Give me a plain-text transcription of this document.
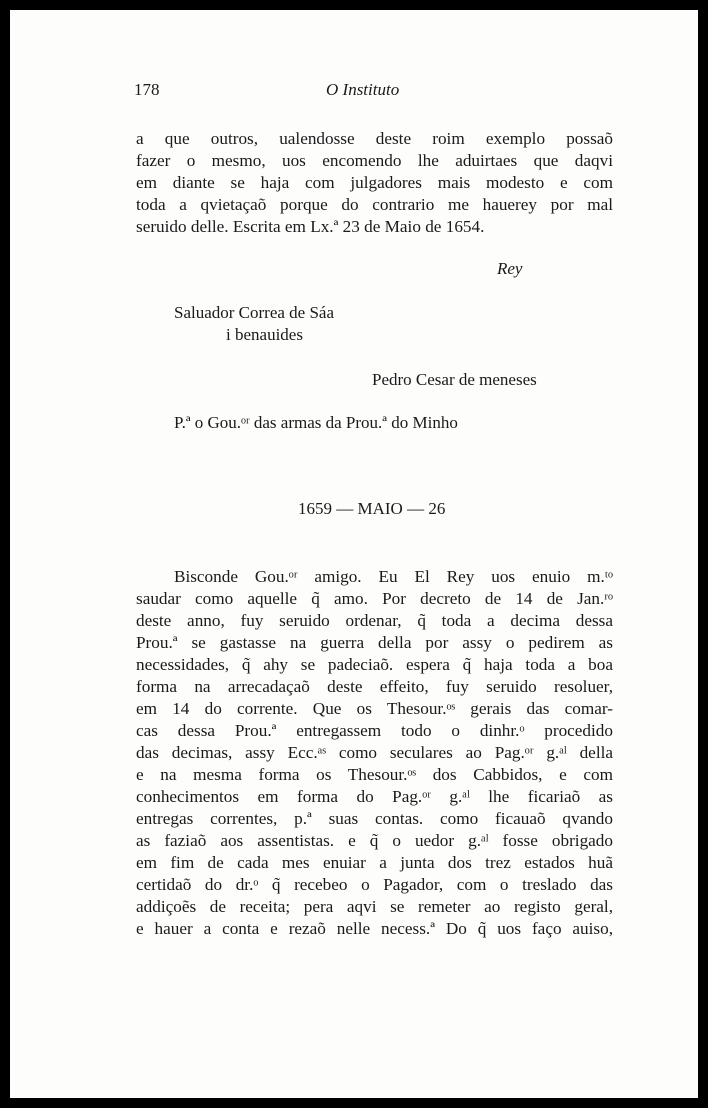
178	O Instituto
a que outros, ualendosse deste roim exemplo possaõ
fazer o mesmo, uos encomendo lhe aduirtaes que daqvi
em diante se haja com julgadores mais modesto e com
toda a qvietaçaõ porque do contrario me hauerey por mal
seruido delle. Escrita em Lx.ª 23 de Maio de 1654.
Rey
Saluador Correa de Sáa
i benauides
Pedro Cesar de meneses
P.ª o Gou.ᵒʳ das armas da Prou.ª do Minho
1659 — MAIO — 26
Bisconde Gou.ᵒʳ amigo. Eu El Rey uos enuio m.ᵗᵒ
saudar como aquelle q̃ amo. Por decreto de 14 de Jan.ʳᵒ
deste anno, fuy seruido ordenar, q̃ toda a decima dessa
Prou.ª se gastasse na guerra della por assy o pedirem as
necessidades, q̃ ahy se padeciaõ. espera q̃ haja toda a boa
forma na arrecadaçaõ deste effeito, fuy seruido resoluer,
em 14 do corrente. Que os Thesour.ᵒˢ gerais das comar-
cas dessa Prou.ª entregassem todo o dinhr.ᵒ procedido
das decimas, assy Ecc.ᵃˢ como seculares ao Pag.ᵒʳ g.ᵃˡ della
e na mesma forma os Thesour.ᵒˢ dos Cabbidos, e com
conhecimentos em forma do Pag.ᵒʳ g.ᵃˡ lhe ficariaõ as
entregas correntes, p.ª suas contas. como ficauaõ qvando
as faziaõ aos assentistas. e q̃ o uedor g.ᵃˡ fosse obrigado
em fim de cada mes enuiar a junta dos trez estados huã
certidaõ do dr.ᵒ q̃ recebeo o Pagador, com o treslado das
addiçoẽs de receita; pera aqvi se remeter ao registo geral,
e hauer a conta e rezaõ nelle necess.ª Do q̃ uos faço auiso,
